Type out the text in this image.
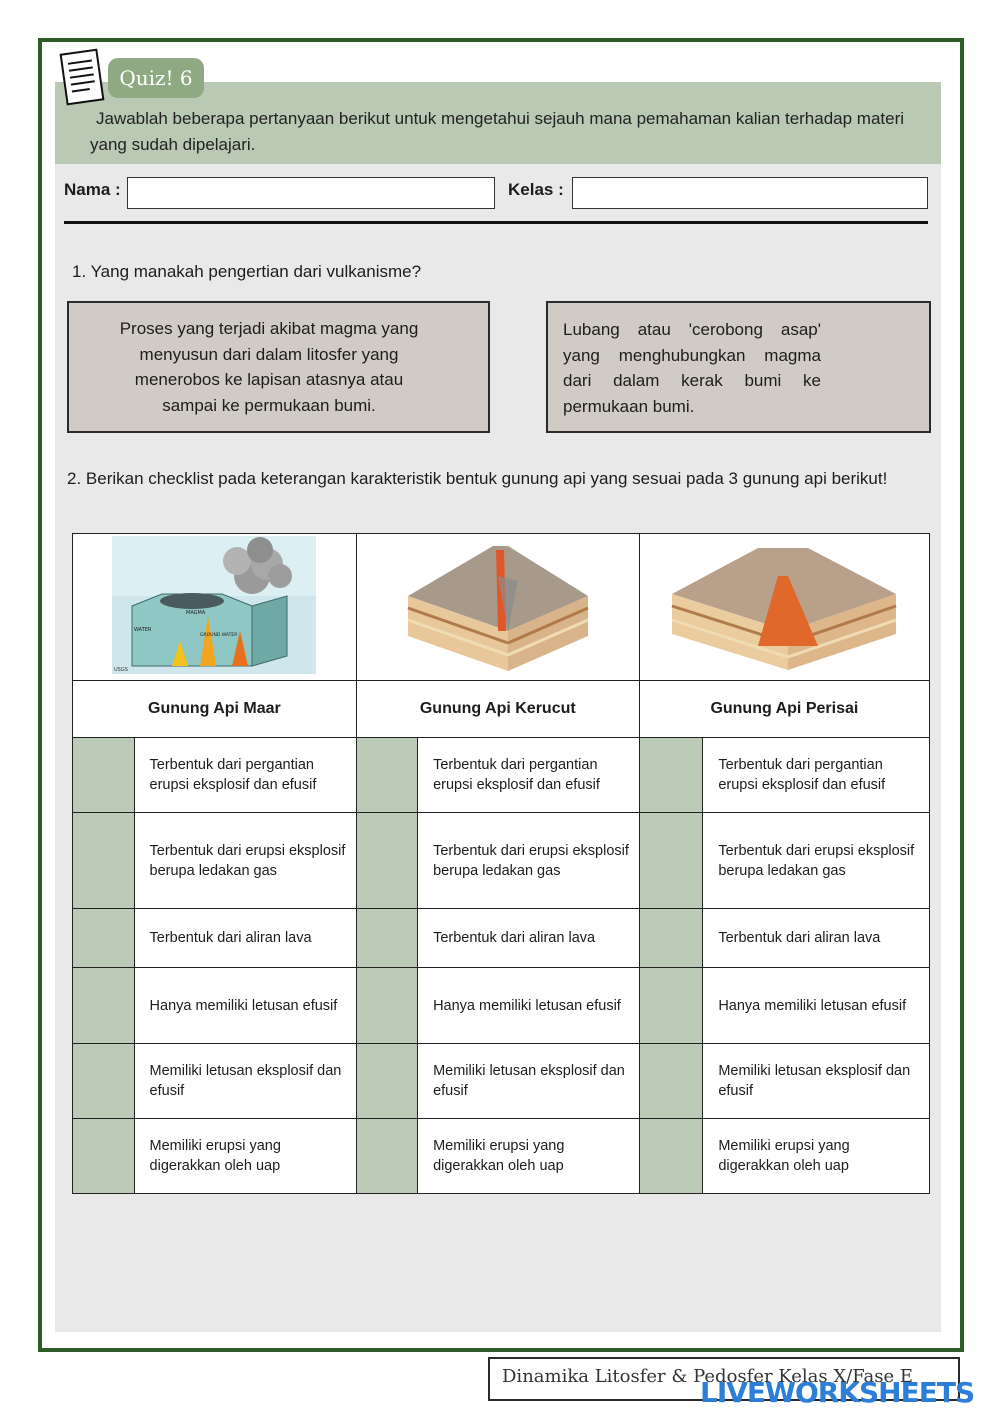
Quiz! 6
Jawablah beberapa pertanyaan berikut untuk mengetahui sejauh mana pemahaman kalian terhadap materi yang sudah dipelajari.
Nama :	Kelas :
1. Yang manakah pengertian dari vulkanisme?
Proses yang terjadi akibat magma yang menyusun dari dalam litosfer yang menerobos ke lapisan atasnya atau sampai ke permukaan bumi.
Lubang atau 'cerobong asap' yang menghubungkan magma dari dalam kerak bumi ke permukaan bumi.
2. Berikan checklist pada keterangan karakteristik bentuk gunung api yang sesuai pada 3 gunung api berikut!
WATER
MAGMA
GROUND WATER
USGS

Gunung Api Maar		Gunung Api Kerucut		Gunung Api Perisai	
	Terbentuk dari pergantian erupsi eksplosif dan efusif		Terbentuk dari pergantian erupsi eksplosif dan efusif		Terbentuk dari pergantian erupsi eksplosif dan efusif
	Terbentuk dari erupsi eksplosif berupa ledakan gas		Terbentuk dari erupsi eksplosif berupa ledakan gas		Terbentuk dari erupsi eksplosif berupa ledakan gas
	Terbentuk dari aliran lava		Terbentuk dari aliran lava		Terbentuk dari aliran lava
	Hanya memiliki letusan efusif		Hanya memiliki letusan efusif		Hanya memiliki letusan efusif
	Memiliki letusan eksplosif dan efusif		Memiliki letusan eksplosif dan efusif		Memiliki letusan eksplosif dan efusif
	Memiliki erupsi yang digerakkan oleh uap		Memiliki erupsi yang digerakkan oleh uap		Memiliki erupsi yang digerakkan oleh uap
Dinamika Litosfer & Pedosfer Kelas X/Fase E
LIVEWORKSHEETS
